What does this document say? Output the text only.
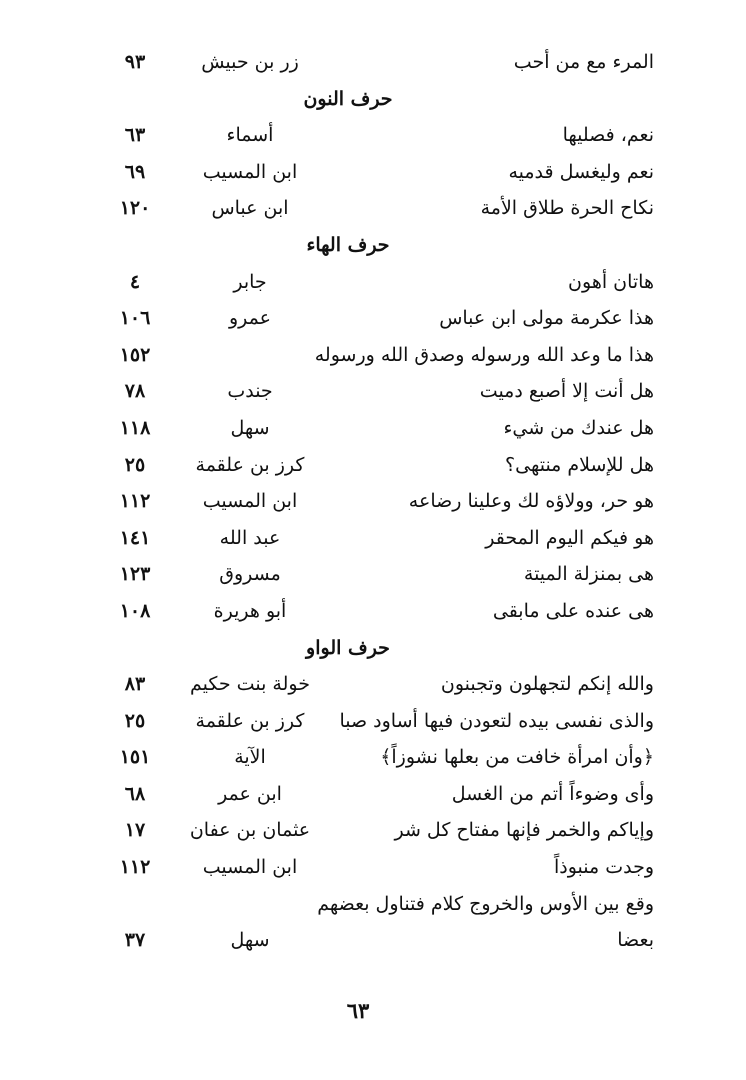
المرء مع من أحب
زر بن حبيش
٩٣
حرف النون
نعم، فصليها
أسماء
٦٣
نعم وليغسل قدميه
ابن المسيب
٦٩
نكاح الحرة طلاق الأمة
ابن عباس
١٢٠
حرف الهاء
هاتان أهون
جابر
٤
هذا عكرمة مولى ابن عباس
عمرو
١٠٦
هذا ما وعد الله ورسوله وصدق الله ورسوله
١٥٢
هل أنت إلا أصبع دميت
جندب
٧٨
هل عندك من شيء
سهل
١١٨
هل للإسلام منتهى؟
كرز بن علقمة
٢٥
هو حر، وولاؤه لك وعلينا رضاعه
ابن المسيب
١١٢
هو فيكم اليوم المحقر
عبد الله
١٤١
هى بمنزلة الميتة
مسروق
١٢٣
هى عنده على مابقى
أبو هريرة
١٠٨
حرف الواو
والله إنكم لتجهلون وتجبنون
خولة بنت حكيم
٨٣
والذى نفسى بيده لتعودن فيها أساود صبا
كرز بن علقمة
٢٥
﴿وأن امرأة خافت من بعلها نشوزاً﴾
الآية
١٥١
وأى وضوءاً أتم من الغسل
ابن عمر
٦٨
وإياكم والخمر فإنها مفتاح كل شر
عثمان بن عفان
١٧
وجدت منبوذاً
ابن المسيب
١١٢
وقع بين الأوس والخروج كلام فتناول بعضهم
بعضا
سهل
٣٧
٦٣
